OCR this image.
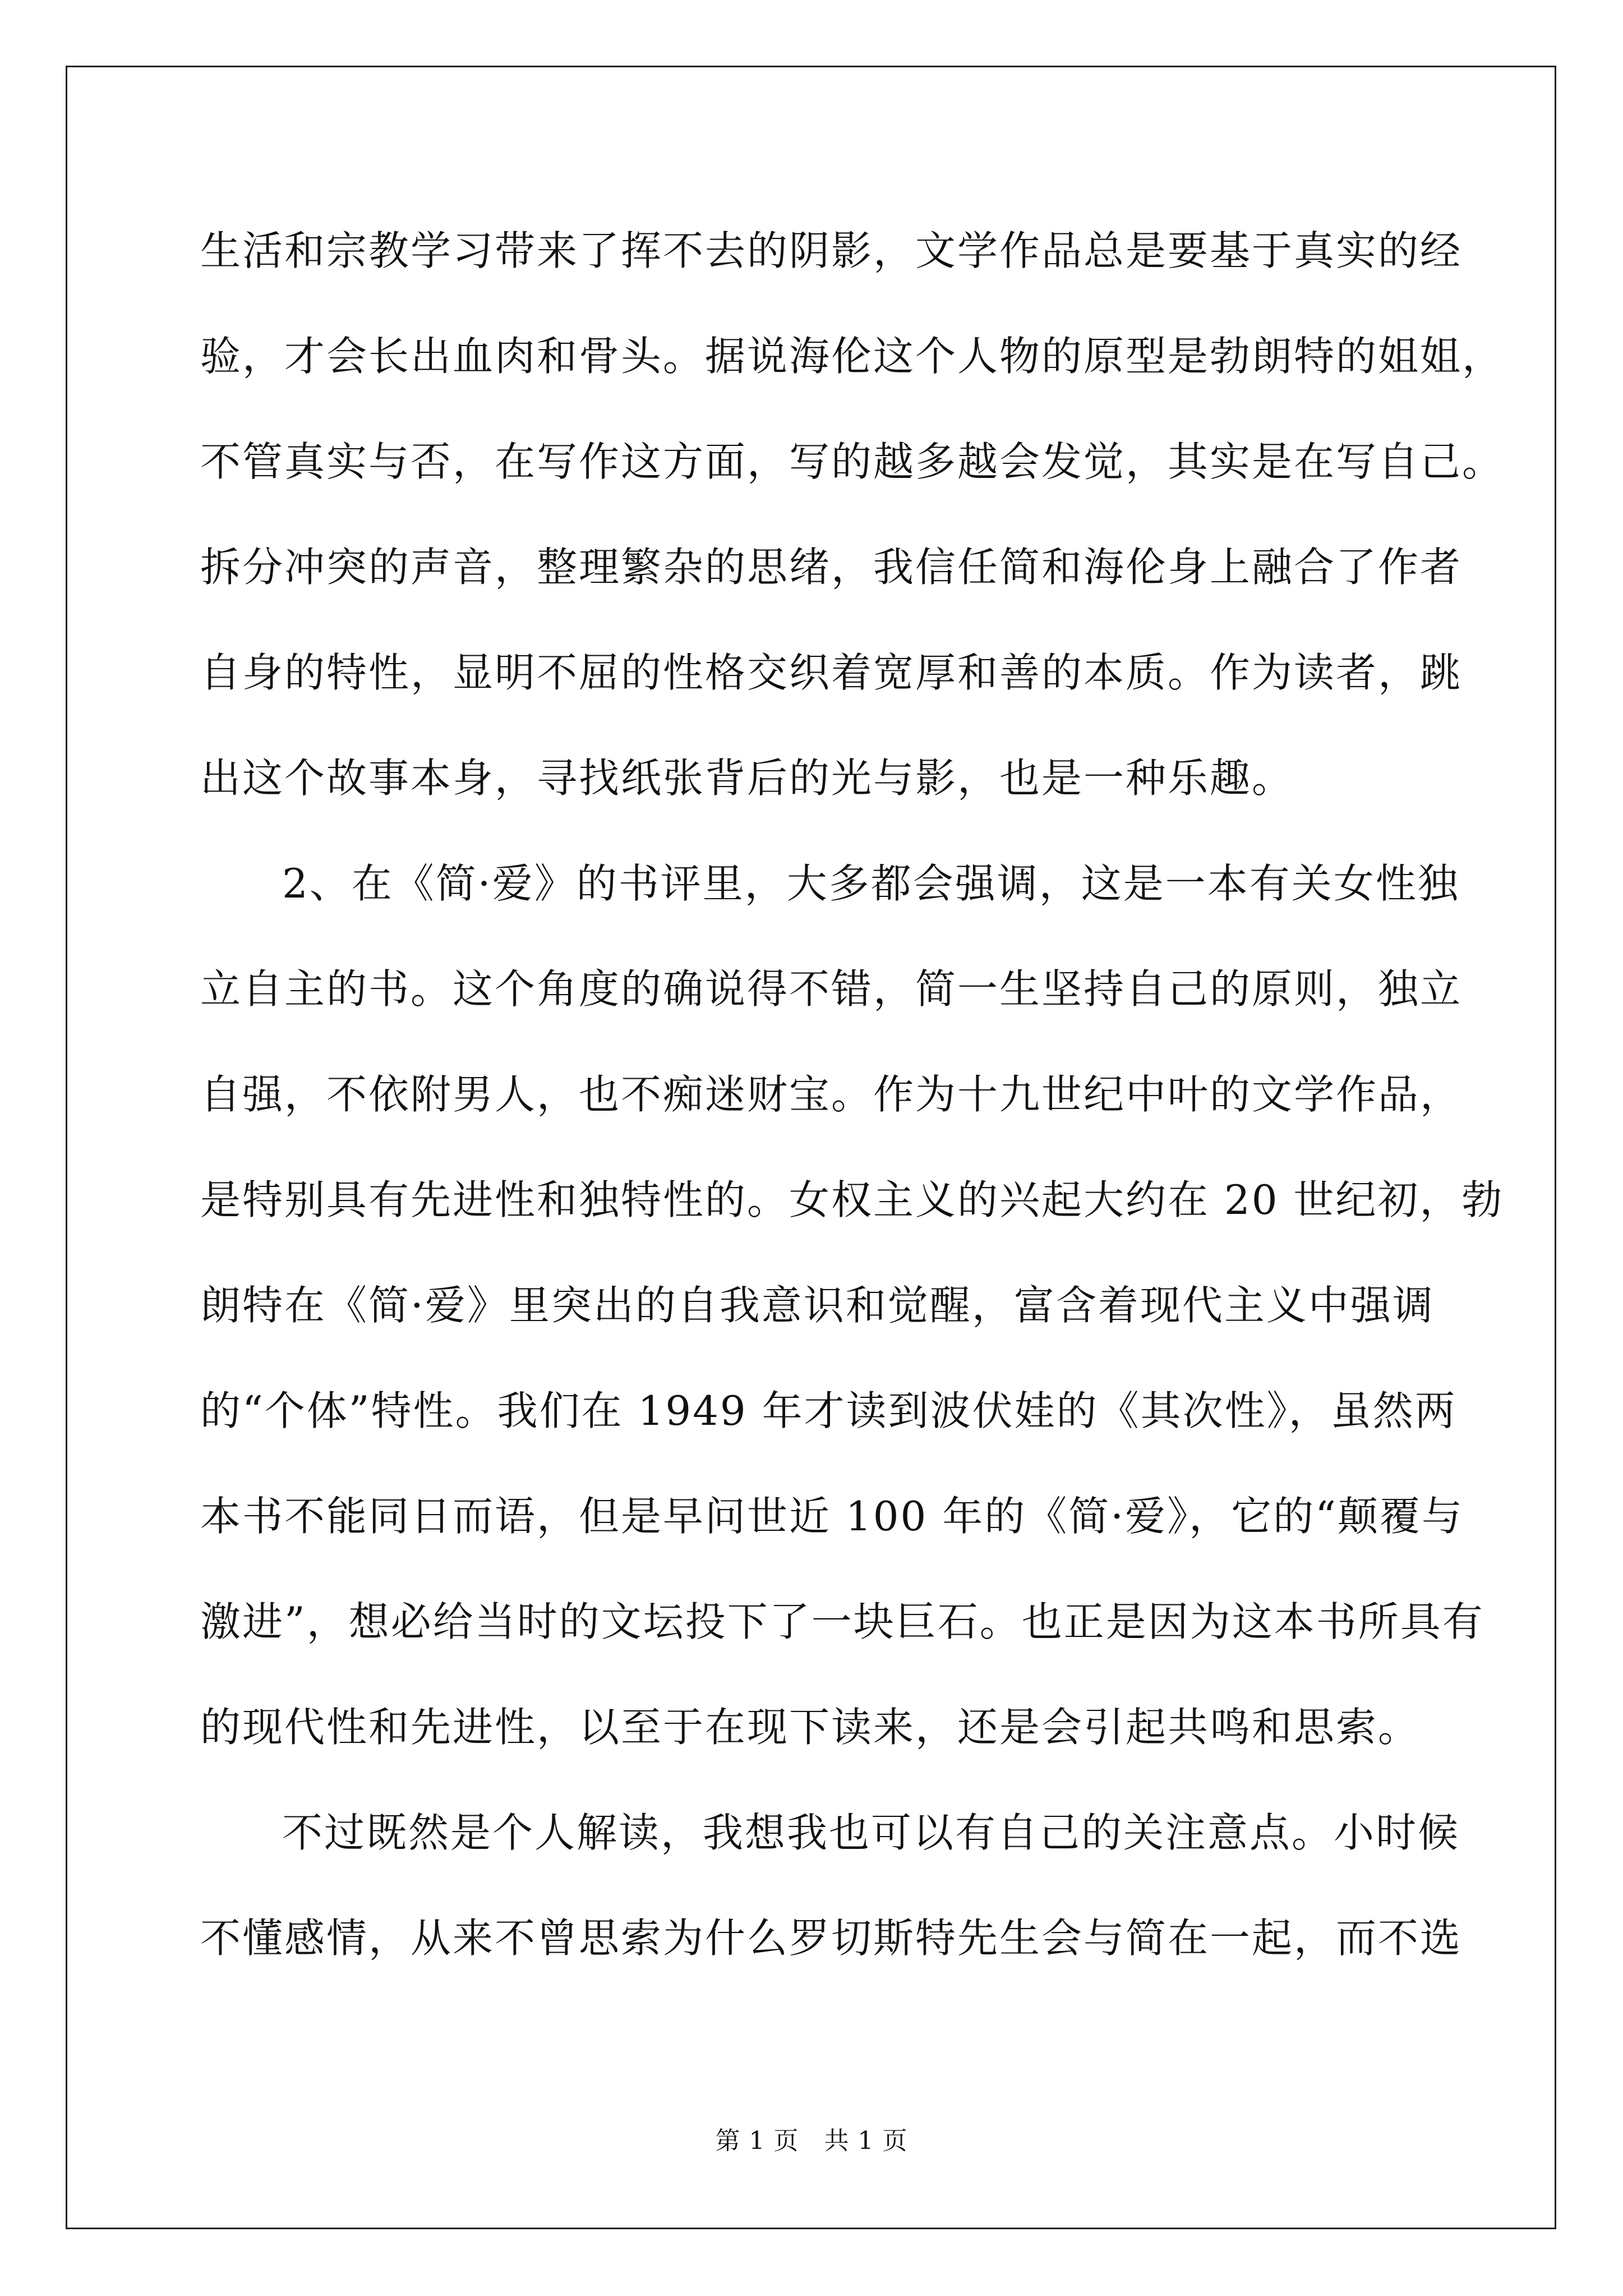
生活和宗教学习带来了挥不去的阴影，文学作品总是要基于真实的经
验，才会长出血肉和骨头。据说海伦这个人物的原型是勃朗特的姐姐，
不管真实与否，在写作这方面，写的越多越会发觉，其实是在写自己。
拆分冲突的声音，整理繁杂的思绪，我信任简和海伦身上融合了作者
自身的特性，显明不屈的性格交织着宽厚和善的本质。作为读者，跳
出这个故事本身，寻找纸张背后的光与影，也是一种乐趣。
2、在《简·爱》的书评里，大多都会强调，这是一本有关女性独
立自主的书。这个角度的确说得不错，简一生坚持自己的原则，独立
自强，不依附男人，也不痴迷财宝。作为十九世纪中叶的文学作品，
是特别具有先进性和独特性的。女权主义的兴起大约在 20 世纪初，勃
朗特在《简·爱》里突出的自我意识和觉醒，富含着现代主义中强调
的“个体”特性。我们在 1949 年才读到波伏娃的《其次性》，虽然两
本书不能同日而语，但是早问世近 100 年的《简·爱》，它的“颠覆与
激进”，想必给当时的文坛投下了一块巨石。也正是因为这本书所具有
的现代性和先进性，以至于在现下读来，还是会引起共鸣和思索。
不过既然是个人解读，我想我也可以有自己的关注意点。小时候
不懂感情，从来不曾思索为什么罗切斯特先生会与简在一起，而不选
第 1 页   共 1 页
